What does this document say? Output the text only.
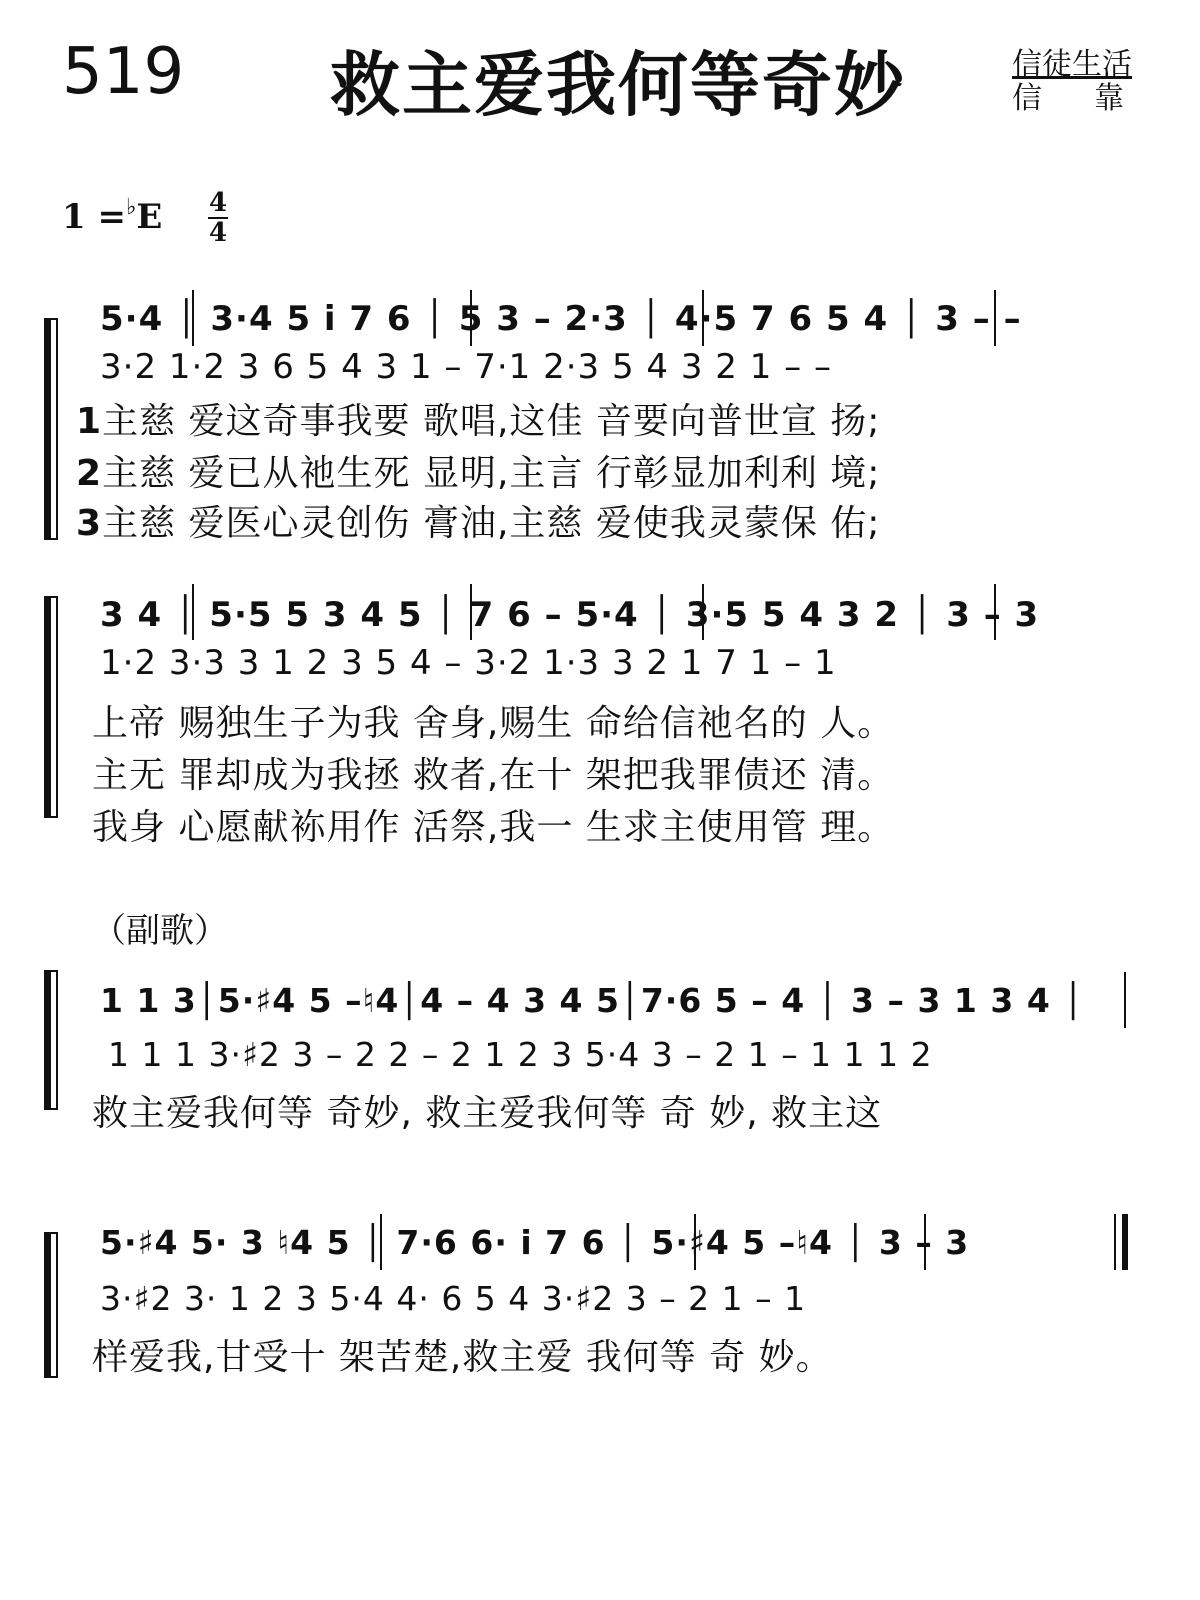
519 救主爱我何等奇妙	信徒生活
信靠
1 =♭E 4
4
5·4 │ 3·4 5 i 7 6 │ 5 3 – 2·3 │ 4·5 7 6 5 4 │ 3 – –
3·2 1·2 3 6 5 4 3 1 – 7·1 2·3 5 4 3 2 1 – –
1主慈 爱这奇事我要 歌唱,这佳 音要向普世宣 扬;
2主慈 爱已从祂生死 显明,主言 行彰显加利利 境;
3主慈 爱医心灵创伤 膏油,主慈 爱使我灵蒙保 佑;
3 4 │ 5·5 5 3 4 5 │ 7 6 – 5·4 │ 3·5 5 4 3 2 │ 3 – 3
1·2 3·3 3 1 2 3 5 4 – 3·2 1·3 3 2 1 7 1 – 1
上帝 赐独生子为我 舍身,赐生 命给信祂名的 人。
主无 罪却成为我拯 救者,在十 架把我罪债还 清。
我身 心愿献袮用作 活祭,我一 生求主使用管 理。
（副歌）
1 1 3│5·♯4 5 –♮4│4 – 4 3 4 5│7·6 5 – 4 │ 3 – 3 1 3 4 │
1 1 1 3·♯2 3 – 2 2 – 2 1 2 3 5·4 3 – 2 1 – 1 1 1 2
救主爱我何等 奇妙, 救主爱我何等 奇 妙, 救主这
5·♯4 5· 3 ♮4 5 │ 7·6 6· i 7 6 │ 5·♯4 5 –♮4 │ 3 – 3
3·♯2 3· 1 2 3 5·4 4· 6 5 4 3·♯2 3 – 2 1 – 1
样爱我,甘受十 架苦楚,救主爱 我何等 奇 妙。
